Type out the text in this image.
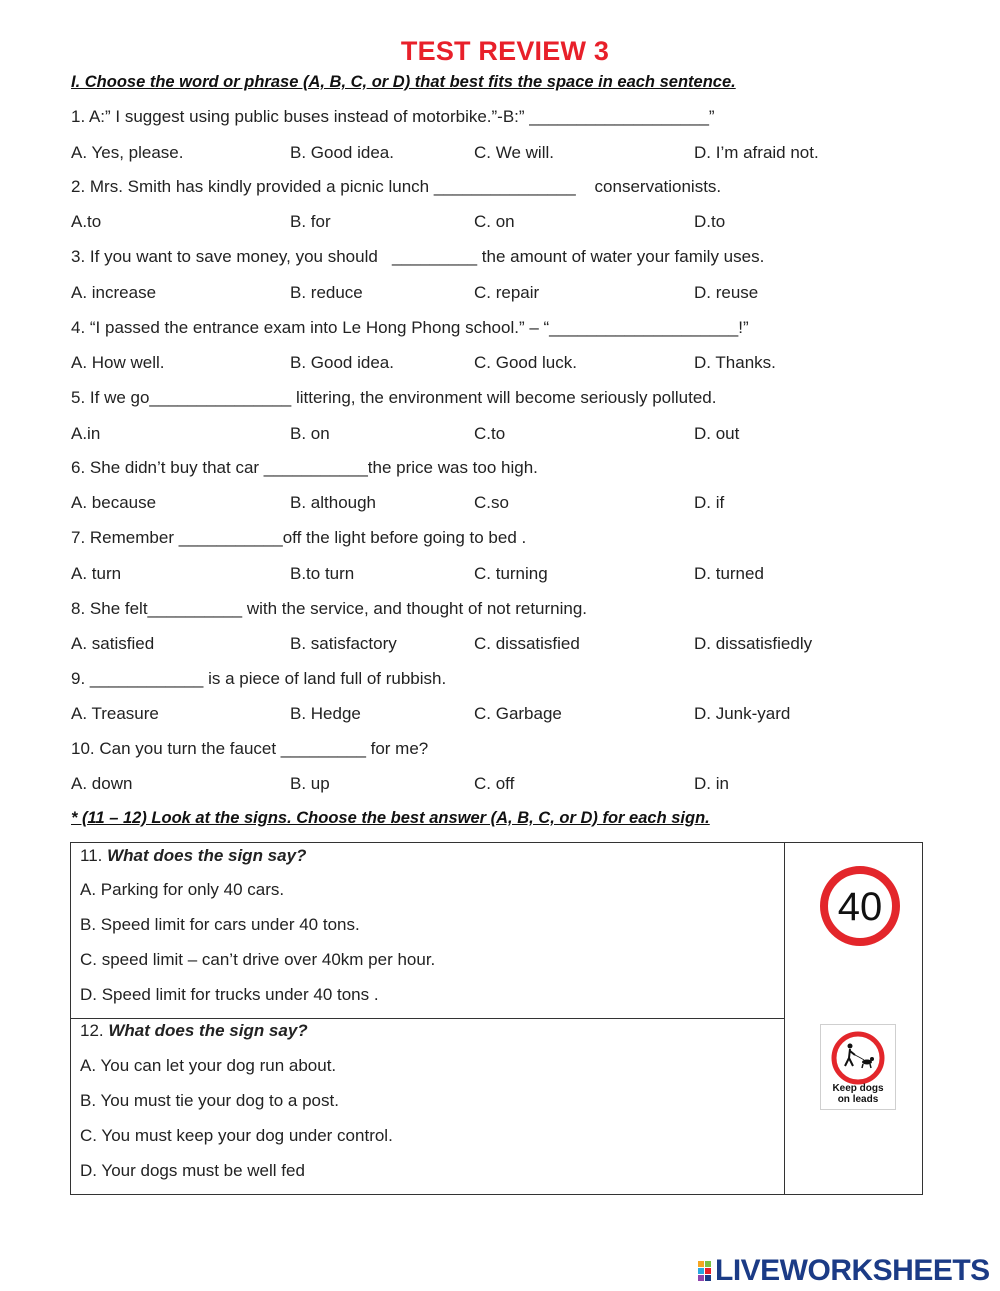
TEST REVIEW 3
I. Choose the word or phrase (A, B, C, or D) that best fits the space in each sentence.
1. A:” I suggest using public buses instead of motorbike.”-B:” ___________________”
A. Yes, please.	B. Good idea.	C. We will.	D. I’m afraid not.
2. Mrs. Smith has kindly provided a picnic lunch _______________    conservationists.
A.to	B. for	C. on	D.to
3. If you want to save money, you should   _________ the amount of water your family uses.
A. increase	B. reduce	C. repair	D. reuse
4. “I passed the entrance exam into Le Hong Phong school.” – “____________________!”
A. How well.	B. Good idea.	C. Good luck.	D. Thanks.
5. If we go_______________ littering, the environment will become seriously polluted.
A.in	B. on	C.to	D. out
6. She didn’t buy that car ___________the price was too high.
A. because	B. although	C.so	D. if
7. Remember ___________off the light before going to bed .
A. turn	B.to turn	C. turning	D. turned
8. She felt__________ with the service, and thought of not returning.
A. satisfied	B. satisfactory	C. dissatisfied	D. dissatisfiedly
9. ____________ is a piece of land full of rubbish.
A. Treasure	B. Hedge	C. Garbage	D. Junk-yard
10. Can you turn the faucet _________ for me?
A. down	B. up	C. off	D. in
* (11 – 12) Look at the signs. Choose the best answer (A, B, C, or D) for each sign.
11. What does the sign say?
A. Parking for only 40 cars.
B. Speed limit for cars under 40 tons.
C. speed limit – can’t drive over 40km per hour.
D. Speed limit for trucks under 40 tons .
40
12. What does the sign say?
A. You can let your dog run about.
B. You must tie your dog to a post.
C. You must keep your dog under control.
D. Your dogs must be well fed
Keep dogs
on leads
LIVEWORKSHEETS
